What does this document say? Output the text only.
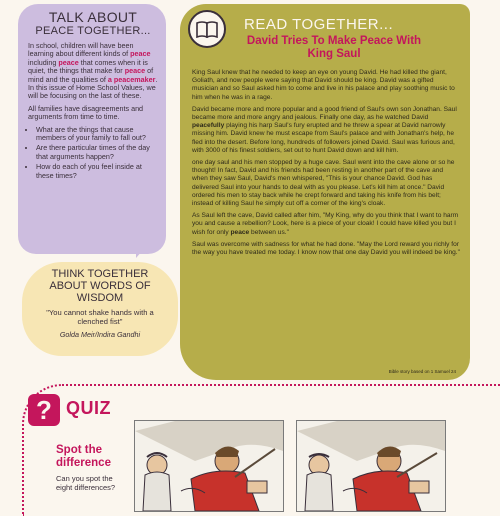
TALK ABOUT
PEACE TOGETHER...

In school, children will have been learning about different kinds of peace including peace that comes when it is quiet, the things that make for peace of mind and the qualities of a peacemaker. In this issue of Home School Values, we will be focusing on the last of these.

All families have disagreements and arguments from time to time.

• What are the things that cause members of your family to fall out?
• Are there particular times of the day that arguments happen?
• How do each of you feel inside at these times?
THINK TOGETHER
ABOUT WORDS OF WISDOM
"You cannot shake hands with a clenched fist"
Golda Meir/Indira Gandhi
READ TOGETHER...
David Tries To Make Peace With King Saul

King Saul knew that he needed to keep an eye on young David. He had killed the giant, Goliath, and now people were saying that David should be king. David was a gifted musician and so Saul asked him to come and live in his palace and play soothing music to him when he was in a rage.

David became more and more popular and a good friend of Saul's own son Jonathan. Saul became more and more angry and jealous. Finally one day, as he watched David peacefully playing his harp Saul's fury erupted and he threw a spear at David narrowly missing him. David knew he must escape from Saul's palace and with Jonathan's help, he fled into the desert. Before long, hundreds of followers joined David. Saul was furious and, with 3000 of his finest soldiers, set out to hunt David down and kill him.

one day saul and his men stopped by a huge cave. Saul went into the cave alone or so he thought! In fact, David and his friends had been resting in another part of the cave and when they saw Saul, David's men whispered, "This is your chance David. God has delivered Saul into your hands to deal with as you please. Let's kill him at once." David ordered his men to stay back while he crept forward and taking his knife from his belt; instead of killing Saul he simply cut off a corner of the king's cloak.

As Saul left the cave, David called after him, "My King, why do you think that I want to harm you and cause a rebellion? Look, here is a piece of your cloak! I could have killed you but I wish for only peace between us."

Saul was overcome with sadness for what he had done. "May the Lord reward you richly for the way you have treated me today. I know now that one day David you will indeed be king."

Bible story based on 1 Samuel 24
? QUIZ
Spot the difference

Can you spot the eight differences?
